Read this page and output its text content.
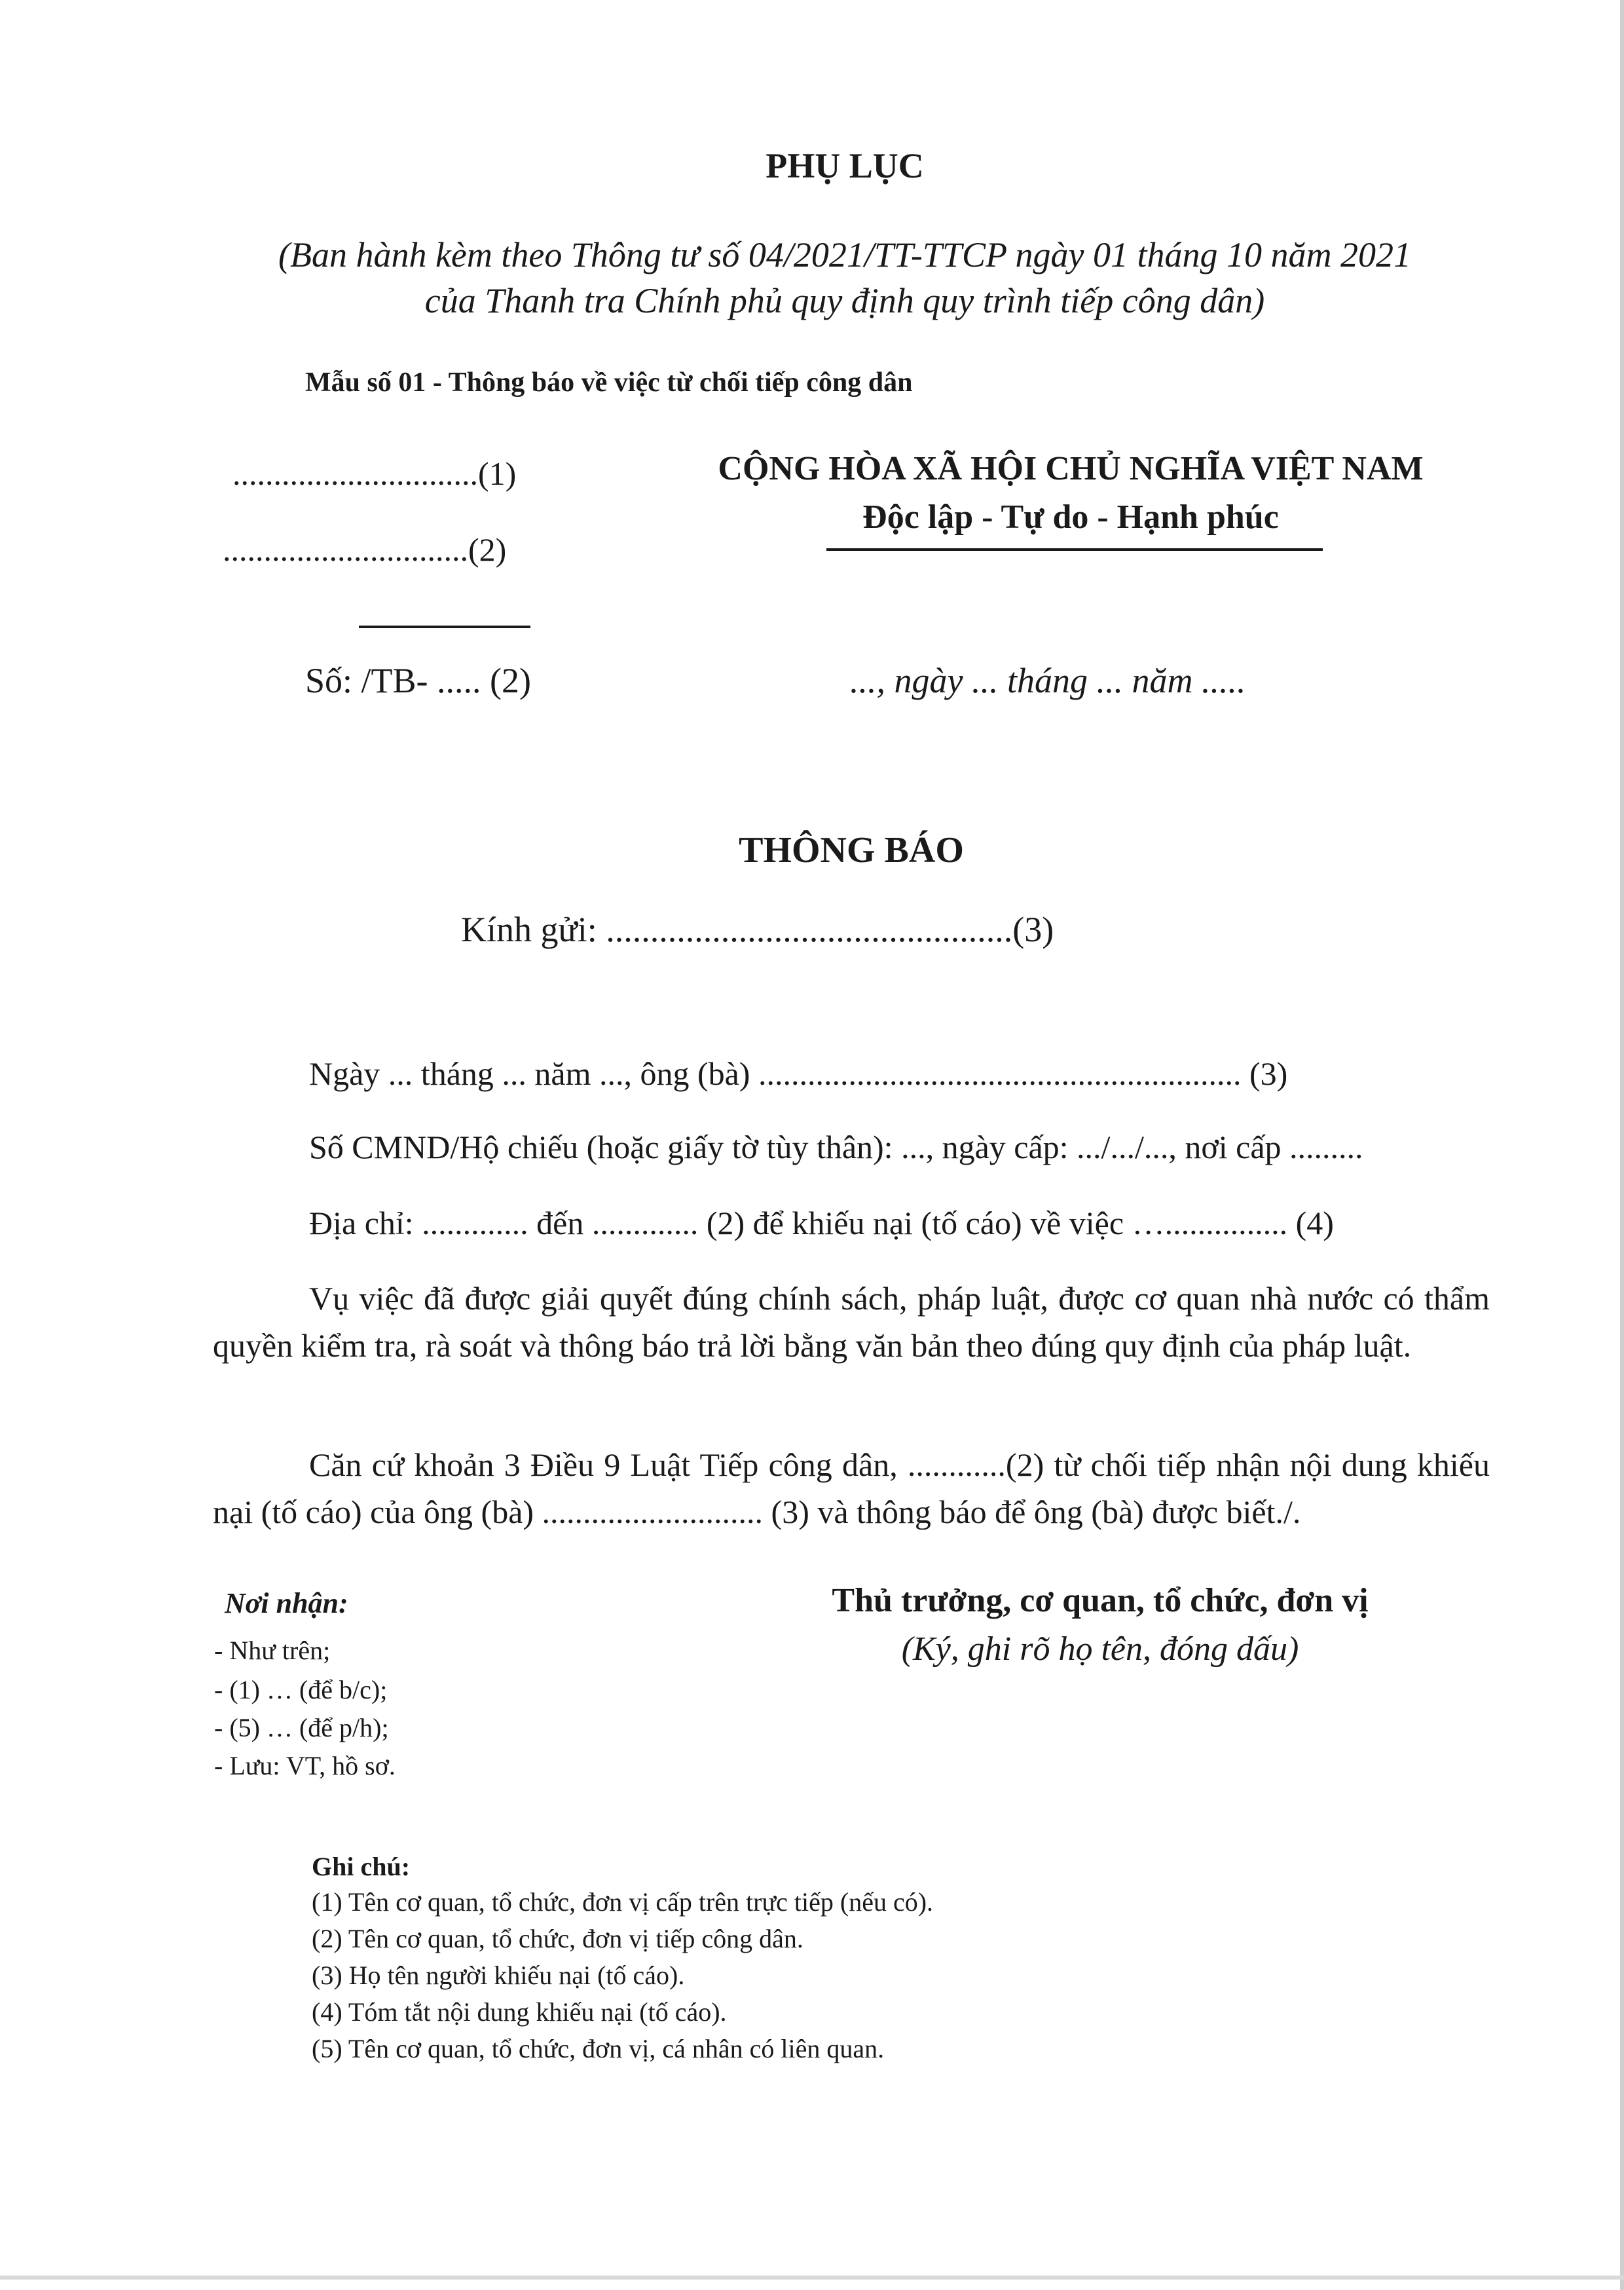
PHỤ LỤC

(Ban hành kèm theo Thông tư số 04/2021/TT-TTCP ngày 01 tháng 10 năm 2021

của Thanh tra Chính phủ quy định quy trình tiếp công dân)

Mẫu số 01 - Thông báo về việc từ chối tiếp công dân

..............................(1)

..............................(2)

CỘNG HÒA XÃ HỘI CHỦ NGHĨA VIỆT NAM

Độc lập - Tự do - Hạnh phúc

Số: /TB- ..... (2)	..., ngày ... tháng ... năm .....

THÔNG BÁO

Kính gửi: ..............................................(3)

Ngày ... tháng ... năm ..., ông (bà) ........................................................... (3)

Số CMND/Hộ chiếu (hoặc giấy tờ tùy thân): ..., ngày cấp: .../.../..., nơi cấp .........

Địa chỉ: ............. đến ............. (2) để khiếu nại (tố cáo) về việc …............... (4)

Vụ việc đã được giải quyết đúng chính sách, pháp luật, được cơ quan nhà nước có thẩm quyền kiểm tra, rà soát và thông báo trả lời bằng văn bản theo đúng quy định của pháp luật.

Căn cứ khoản 3 Điều 9 Luật Tiếp công dân, ............(2) từ chối tiếp nhận nội dung khiếu nại (tố cáo) của ông (bà) ........................... (3) và thông báo để ông (bà) được biết./.

Nơi nhận:

- Như trên;

- (1) … (để b/c);

- (5) … (để p/h);

- Lưu: VT, hồ sơ.

Thủ trưởng, cơ quan, tổ chức, đơn vị

(Ký, ghi rõ họ tên, đóng dấu)

Ghi chú:

(1) Tên cơ quan, tổ chức, đơn vị cấp trên trực tiếp (nếu có).

(2) Tên cơ quan, tổ chức, đơn vị tiếp công dân.

(3) Họ tên người khiếu nại (tố cáo).

(4) Tóm tắt nội dung khiếu nại (tố cáo).

(5) Tên cơ quan, tổ chức, đơn vị, cá nhân có liên quan.
